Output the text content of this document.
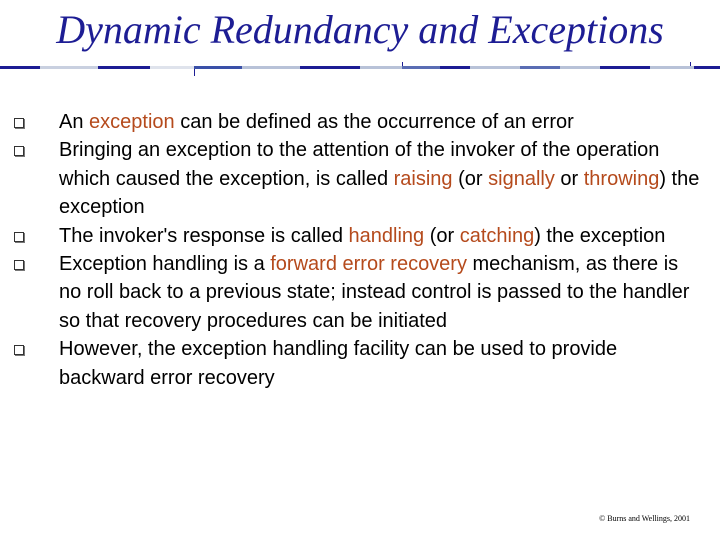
Dynamic Redundancy and Exceptions
An exception can be defined as the occurrence of an error
Bringing an exception to the attention of the invoker of the operation which caused the exception, is called raising (or signally or throwing) the exception
The invoker's response is called handling (or catching) the exception
Exception handling is a forward error recovery mechanism, as there is no roll back to a previous state; instead control is passed to the handler so that recovery procedures can be initiated
However, the exception handling facility can be used to provide backward error recovery
© Burns and Wellings, 2001
